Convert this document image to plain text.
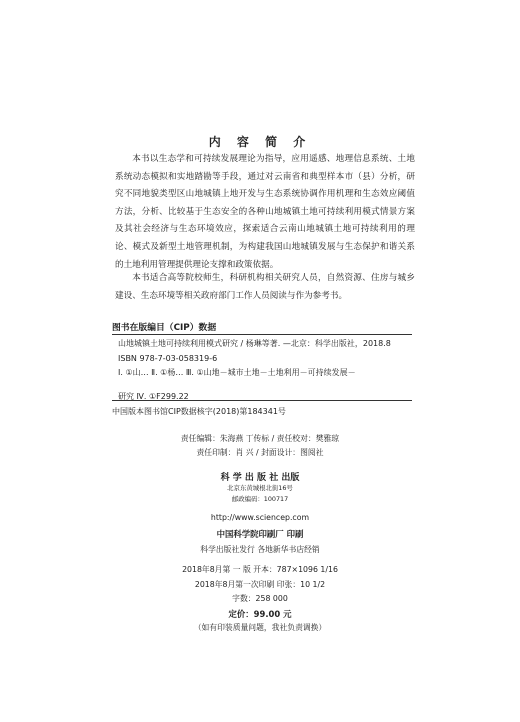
内 容 简 介

本书以生态学和可持续发展理论为指导，应用遥感、地理信息系统、土地系统动态模拟和实地踏勘等手段，通过对云南省和典型样本市（县）分析，研究不同地貌类型区山地城镇上地开发与生态系统协调作用机理和生态效应阈值方法，分析、比较基于生态安全的各种山地城镇土地可持续利用模式情景方案及其社会经济与生态环境效应，探索适合云南山地城镇土地可持续利用的理论、模式及新型土地管理机制，为构建我国山地城镇发展与生态保护和谐关系的土地利用管理提供理论支撑和政策依据。

本书适合高等院校师生，科研机构相关研究人员，自然资源、住房与城乡建设、生态环境等相关政府部门工作人员阅读与作为参考书。

图书在版编目（CIP）数据
山地城镇土地可持续利用模式研究 / 杨琳等著. —北京：科学出版社，2018.8
ISBN 978-7-03-058319-6
Ⅰ. ①山… Ⅱ. ①杨… Ⅲ. ①山地－城市土地－土地利用－可持续发展－
研究 Ⅳ. ①F299.22
中国版本图书馆CIP数据核字(2018)第184341号
责任编辑：朱海燕 丁传标 / 责任校对：樊雅琼
责任印制：肖 兴 / 封面设计：图阅社
科 学 出 版 社 出版
北京东黄城根北街16号
邮政编码：100717
http://www.sciencep.com
中国科学院印刷厂 印刷
科学出版社发行 各地新华书店经销
2018年8月第 一 版 开本：787×1096 1/16
2018年8月第一次印刷 印张：10 1/2
字数：258 000
定价：99.00 元
（如有印装质量问题，我社负责调换）
